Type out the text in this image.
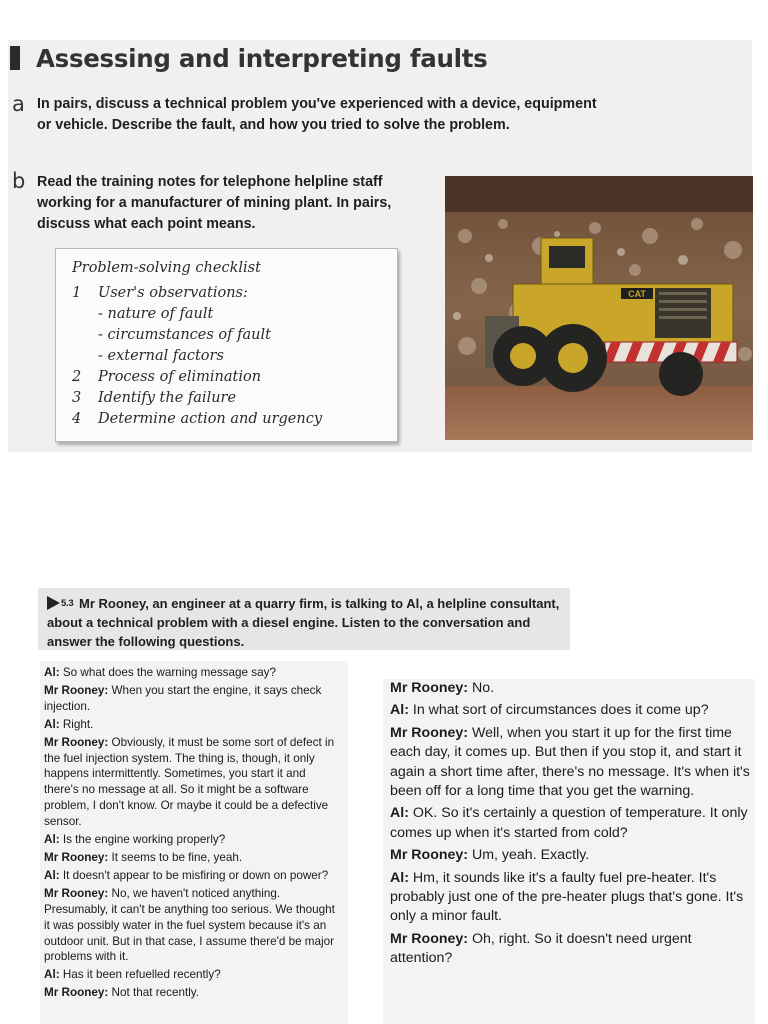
Assessing and interpreting faults
a In pairs, discuss a technical problem you've experienced with a device, equipment or vehicle. Describe the fault, and how you tried to solve the problem.

b Read the training notes for telephone helpline staff working for a manufacturer of mining plant. In pairs, discuss what each point means.

Problem-solving checklist
1 User's observations:
- nature of fault
- circumstances of fault
- external factors
2 Process of elimination
3 Identify the failure
4 Determine action and urgency
CAT
5.3 Mr Rooney, an engineer at a quarry firm, is talking to Al, a helpline consultant, about a technical problem with a diesel engine. Listen to the conversation and answer the following questions.

Al: So what does the warning message say?

Mr Rooney: When you start the engine, it says check injection.

Al: Right.

Mr Rooney: Obviously, it must be some sort of defect in the fuel injection system. The thing is, though, it only happens intermittently. Sometimes, you start it and there's no message at all. So it might be a software problem, I don't know. Or maybe it could be a defective sensor.

Al: Is the engine working properly?

Mr Rooney: It seems to be fine, yeah.

Al: It doesn't appear to be misfiring or down on power?

Mr Rooney: No, we haven't noticed anything. Presumably, it can't be anything too serious. We thought it was possibly water in the fuel system because it's an outdoor unit. But in that case, I assume there'd be major problems with it.

Al: Has it been refuelled recently?

Mr Rooney: Not that recently.

Mr Rooney: No.

Al: In what sort of circumstances does it come up?

Mr Rooney: Well, when you start it up for the first time each day, it comes up. But then if you stop it, and start it again a short time after, there's no message. It's when it's been off for a long time that you get the warning.

Al: OK. So it's certainly a question of temperature. It only comes up when it's started from cold?

Mr Rooney: Um, yeah. Exactly.

Al: Hm, it sounds like it's a faulty fuel pre-heater. It's probably just one of the pre-heater plugs that's gone. It's only a minor fault.

Mr Rooney: Oh, right. So it doesn't need urgent attention?
